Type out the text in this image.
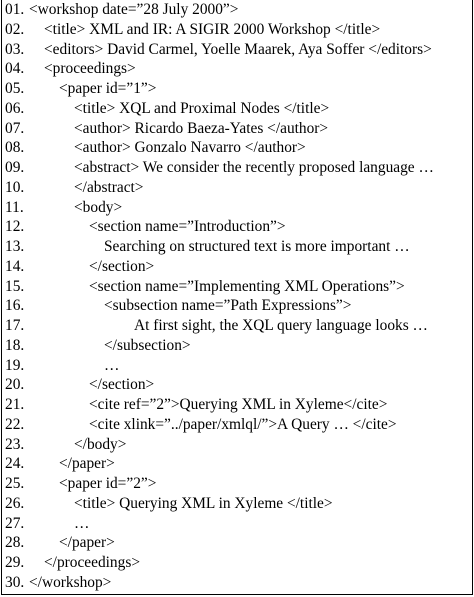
01. <workshop date=”28 July 2000”>
02. <title> XML and IR: A SIGIR 2000 Workshop </title>
03. <editors> David Carmel, Yoelle Maarek, Aya Soffer </editors>
04. <proceedings>
05. <paper id=”1”>
06.	<title> XQL and Proximal Nodes </title>
07.	<author> Ricardo Baeza-Yates </author>
08.	<author> Gonzalo Navarro </author>
09.	<abstract> We consider the recently proposed language …
10.	</abstract>
11.	<body>
12.	<section name=”Introduction”>
13.	Searching on structured text is more important …
14.	</section>
15.	<section name=”Implementing XML Operations”>
16.	<subsection name=”Path Expressions”>
17.	At first sight, the XQL query language looks …
18.	</subsection>
19.	…
20.	</section>
21.	<cite ref=”2”>Querying XML in Xyleme</cite>
22.	<cite xlink=”../paper/xmlql/”>A Query … </cite>
23.	</body>
24. </paper>
25. <paper id=”2”>
26.	<title> Querying XML in Xyleme </title>
27.	…
28. </paper>
29. </proceedings>
30. </workshop>
